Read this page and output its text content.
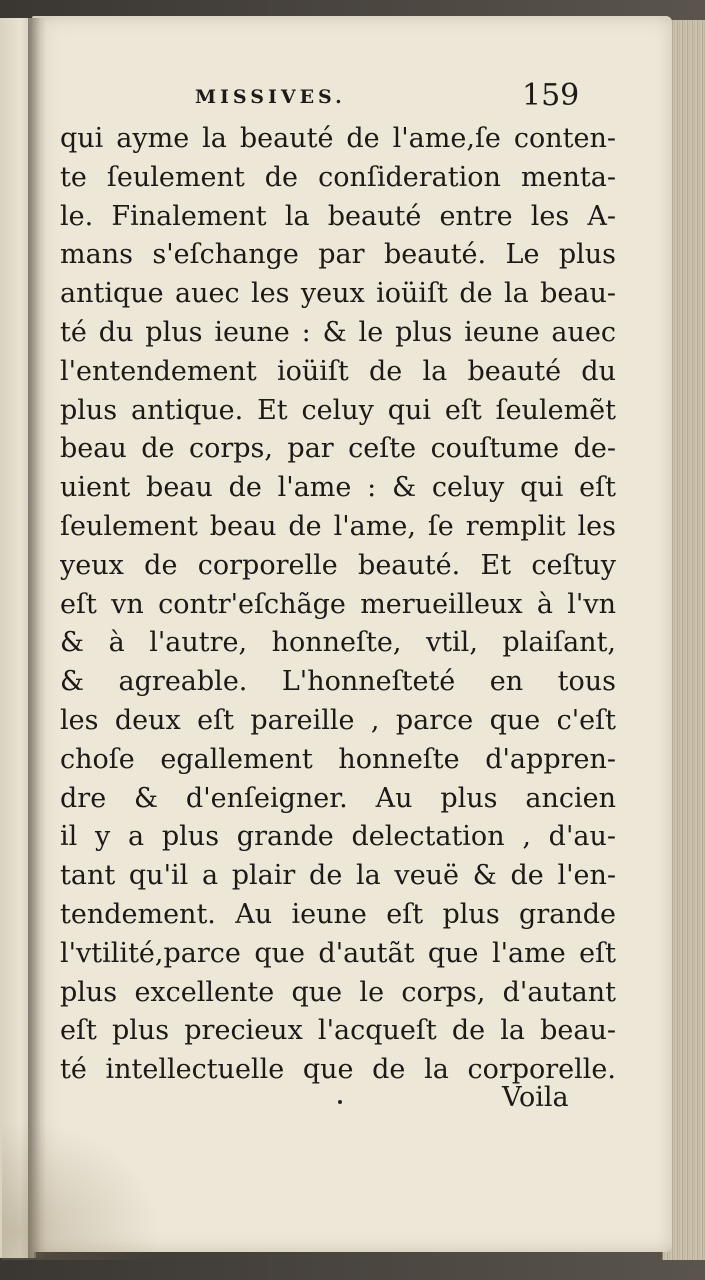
MISSIVES.	159
qui ayme la beauté de l'ame,ſe conten-
te ſeulement de conſideration menta-
le. Finalement la beauté entre les A-
mans s'eſchange par beauté. Le plus
antique auec les yeux ioüiſt de la beau-
té du plus ieune : & le plus ieune auec
l'entendement ioüiſt de la beauté du
plus antique. Et celuy qui eſt ſeulemẽt
beau de corps, par ceſte couſtume de-
uient beau de l'ame : & celuy qui eſt
ſeulement beau de l'ame, ſe remplit les
yeux de corporelle beauté. Et ceſtuy
eſt vn contr'eſchãge merueilleux à l'vn
& à l'autre, honneſte, vtil, plaiſant,
& agreable. L'honneſteté en tous
les deux eſt pareille , parce que c'eſt
choſe egallement honneſte d'appren-
dre & d'enſeigner. Au plus ancien
il y a plus grande delectation , d'au-
tant qu'il a plair de la veuë & de l'en-
tendement. Au ieune eſt plus grande
l'vtilité,parce que d'autãt que l'ame eſt
plus excellente que le corps, d'autant
eſt plus precieux l'acqueſt de la beau-
té intellectuelle que de la corporelle.
Voila
